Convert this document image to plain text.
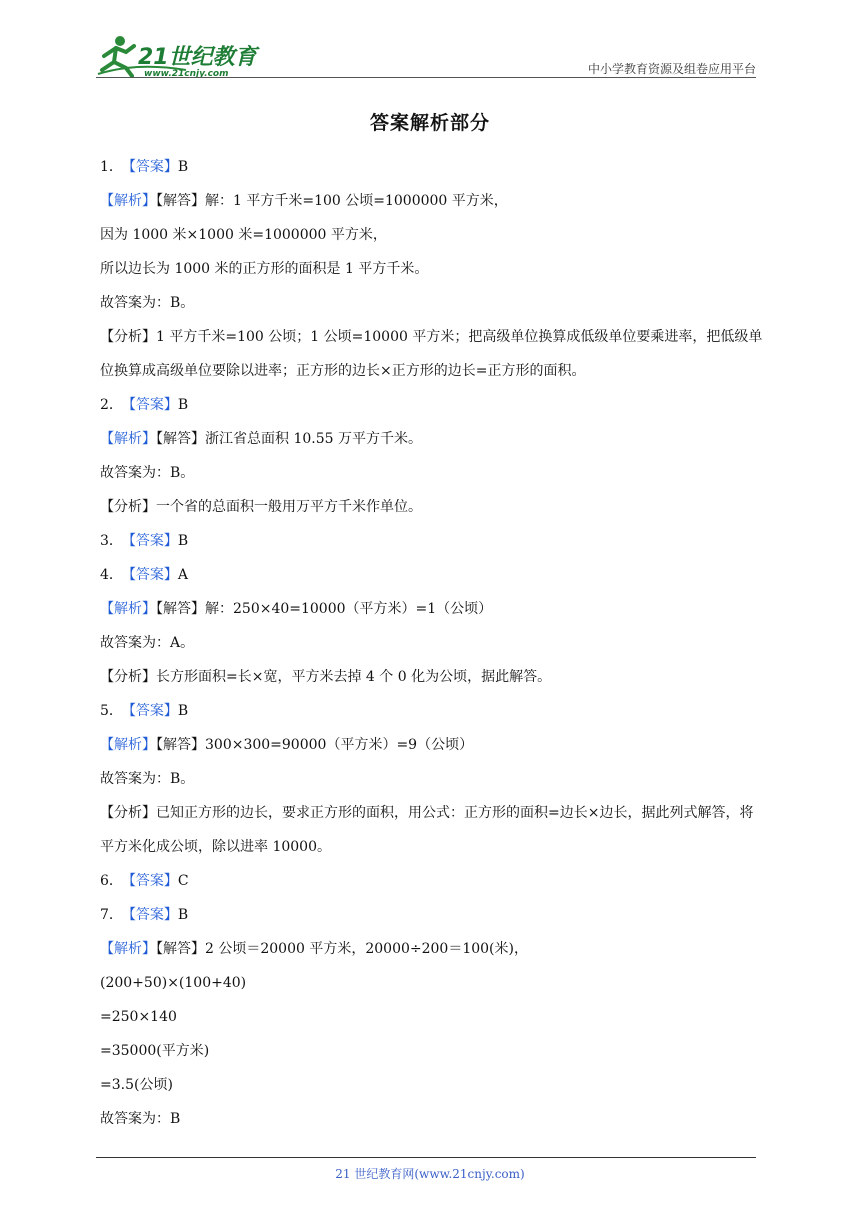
21世纪教育
www.21cnjy.com	中小学教育资源及组卷应用平台
答案解析部分
1． 【答案】B
【解析】【解答】解：1 平方千米=100 公顷=1000000 平方米，
因为 1000 米×1000 米=1000000 平方米，
所以边长为 1000 米的正方形的面积是 1 平方千米。
故答案为：B。
【分析】1 平方千米=100 公顷；1 公顷=10000 平方米；把高级单位换算成低级单位要乘进率，把低级单位换算成高级单位要除以进率；正方形的边长×正方形的边长=正方形的面积。
2． 【答案】B
【解析】【解答】浙江省总面积 10.55 万平方千米。
故答案为：B。
【分析】一个省的总面积一般用万平方千米作单位。
3． 【答案】B
4． 【答案】A
【解析】【解答】解：250×40=10000（平方米）=1（公顷）
故答案为：A。
【分析】长方形面积=长×宽，平方米去掉 4 个 0 化为公顷，据此解答。
5． 【答案】B
【解析】【解答】300×300=90000（平方米）=9（公顷）
故答案为：B。
【分析】已知正方形的边长，要求正方形的面积，用公式：正方形的面积=边长×边长，据此列式解答，将平方米化成公顷，除以进率 10000。
6． 【答案】C
7． 【答案】B
【解析】【解答】2 公顷＝20000 平方米，20000÷200＝100(米)，
(200+50)×(100+40)
=250×140
=35000(平方米)
=3.5(公顷)
故答案为：B
21 世纪教育网(www.21cnjy.com)
